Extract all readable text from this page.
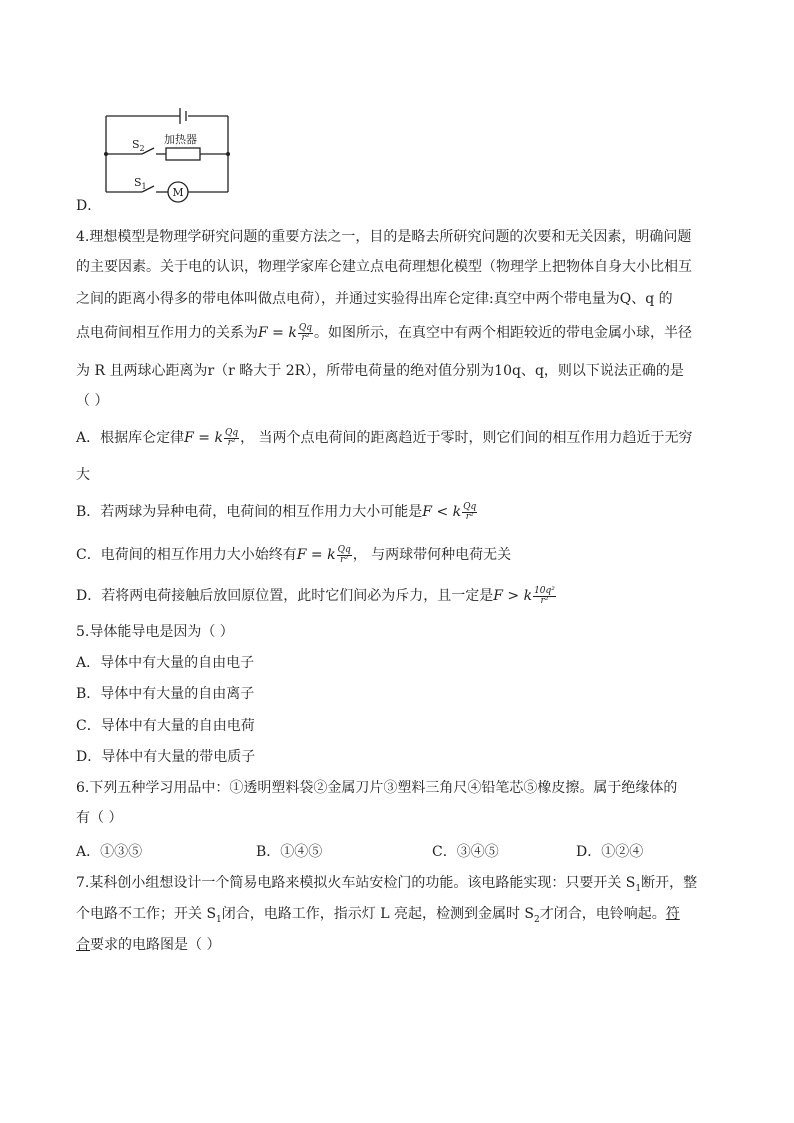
$S_2$
加热器
$S_1$ M
D．
4.理想模型是物理学研究问题的重要方法之一，目的是略去所研究问题的次要和无关因素，明确问题
的主要因素。关于电的认识，物理学家库仑建立点电荷理想化模型（物理学上把物体自身大小比相互
之间的距离小得多的带电体叫做点电荷），并通过实验得出库仑定律:真空中两个带电量为Q、q 的
点电荷间相互作用力的关系为F = k $\frac{Qq}{\text{r²}}$ 。如图所示，在真空中有两个相距较近的带电金属小球，半径
为 R 且两球心距离为r（r 略大于 2R），所带电荷量的绝对值分别为10q、q，则以下说法正确的是
（ ）
A．根据库仑定律F = k $\frac{Qq}{\text{r²}}$ ， 当两个点电荷间的距离趋近于零时，则它们间的相互作用力趋近于无穷
大
B．若两球为异种电荷，电荷间的相互作用力大小可能是F < k $\frac{Qq}{\text{r²}}$
C．电荷间的相互作用力大小始终有F = k $\frac{Qq}{\text{r²}}$ ， 与两球带何种电荷无关
D．若将两电荷接触后放回原位置，此时它们间必为斥力，且一定是F > k $\frac{\text{10q²}}{\text{r²}}$
5.导体能导电是因为（ ）
A．导体中有大量的自由电子
B．导体中有大量的自由离子
C．导体中有大量的自由电荷
D．导体中有大量的带电质子
6.下列五种学习用品中：①透明塑料袋②金属刀片③塑料三角尺④铅笔芯⑤橡皮擦。属于绝缘体的
有（ ）
A．①③⑤	B．①④⑤	C．③④⑤	D．①②④
7.某科创小组想设计一个简易电路来模拟火车站安检门的功能。该电路能实现：只要开关 $S_1$断开，整
个电路不工作；开关 $S_1$闭合，电路工作，指示灯 L 亮起，检测到金属时 $S_2$才闭合，电铃响起。符
合要求的电路图是（ ）
